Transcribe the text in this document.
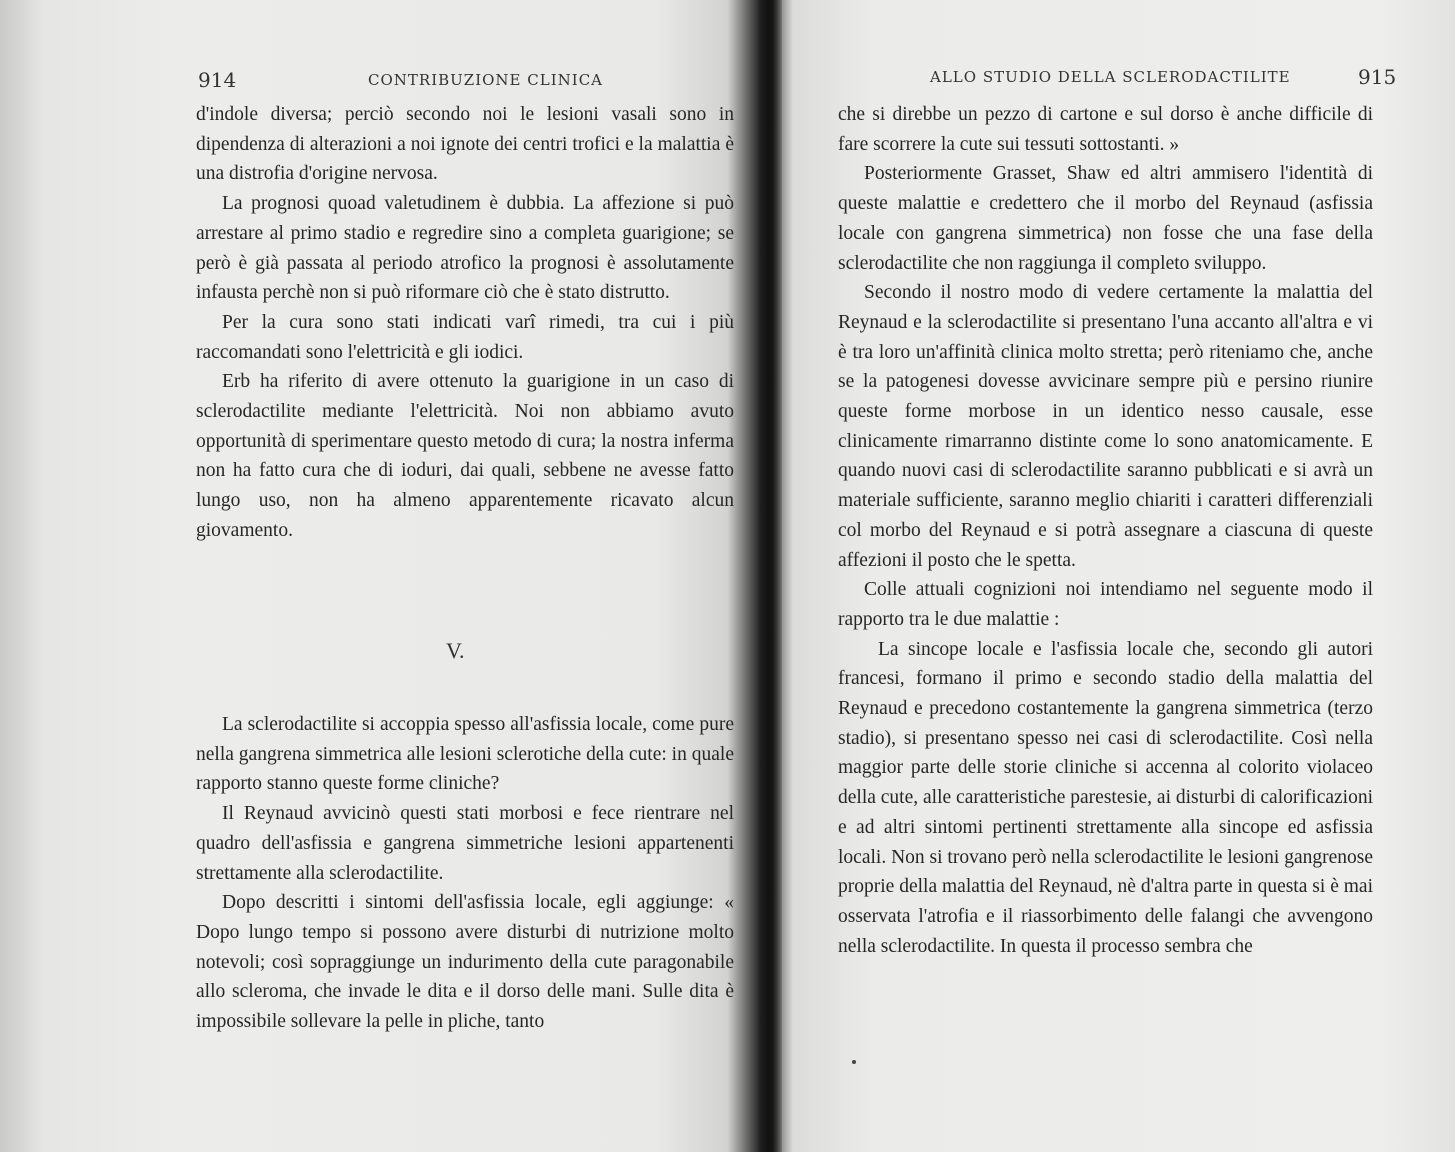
914	CONTRIBUZIONE CLINICA

d'indole diversa; perciò secondo noi le lesioni vasali sono in dipendenza di alterazioni a noi ignote dei centri trofici e la malattia è una distrofia d'origine nervosa.

La prognosi quoad valetudinem è dubbia. La affezione si può arrestare al primo stadio e regredire sino a completa guarigione; se però è già passata al periodo atrofico la prognosi è assolutamente infausta perchè non si può riformare ciò che è stato distrutto.

Per la cura sono stati indicati varî rimedi, tra cui i più raccomandati sono l'elettricità e gli iodici.

Erb ha riferito di avere ottenuto la guarigione in un caso di sclerodactilite mediante l'elettricità. Noi non abbiamo avuto opportunità di sperimentare questo metodo di cura; la nostra inferma non ha fatto cura che di ioduri, dai quali, sebbene ne avesse fatto lungo uso, non ha almeno apparentemente ricavato alcun giovamento.

V.

La sclerodactilite si accoppia spesso all'asfissia locale, come pure nella gangrena simmetrica alle lesioni sclerotiche della cute: in quale rapporto stanno queste forme cliniche?

Il Reynaud avvicinò questi stati morbosi e fece rientrare nel quadro dell'asfissia e gangrena simmetriche lesioni appartenenti strettamente alla sclerodactilite.

Dopo descritti i sintomi dell'asfissia locale, egli aggiunge: « Dopo lungo tempo si possono avere disturbi di nutrizione molto notevoli; così sopraggiunge un indurimento della cute paragonabile allo scleroma, che invade le dita e il dorso delle mani. Sulle dita è impossibile sollevare la pelle in pliche, tanto

ALLO STUDIO DELLA SCLERODACTILITE	915

che si direbbe un pezzo di cartone e sul dorso è anche difficile di fare scorrere la cute sui tessuti sottostanti. »

Posteriormente Grasset, Shaw ed altri ammisero l'identità di queste malattie e credettero che il morbo del Reynaud (asfissia locale con gangrena simmetrica) non fosse che una fase della sclerodactilite che non raggiunga il completo sviluppo.

Secondo il nostro modo di vedere certamente la malattia del Reynaud e la sclerodactilite si presentano l'una accanto all'altra e vi è tra loro un'affinità clinica molto stretta; però riteniamo che, anche se la patogenesi dovesse avvicinare sempre più e persino riunire queste forme morbose in un identico nesso causale, esse clinicamente rimarranno distinte come lo sono anatomicamente. E quando nuovi casi di sclerodactilite saranno pubblicati e si avrà un materiale sufficiente, saranno meglio chiariti i caratteri differenziali col morbo del Reynaud e si potrà assegnare a ciascuna di queste affezioni il posto che le spetta.

Colle attuali cognizioni noi intendiamo nel seguente modo il rapporto tra le due malattie :

La sincope locale e l'asfissia locale che, secondo gli autori francesi, formano il primo e secondo stadio della malattia del Reynaud e precedono costantemente la gangrena simmetrica (terzo stadio), si presentano spesso nei casi di sclerodactilite. Così nella maggior parte delle storie cliniche si accenna al colorito violaceo della cute, alle caratteristiche parestesie, ai disturbi di calorificazioni e ad altri sintomi pertinenti strettamente alla sincope ed asfissia locali. Non si trovano però nella sclerodactilite le lesioni gangrenose proprie della malattia del Reynaud, nè d'altra parte in questa si è mai osservata l'atrofia e il riassorbimento delle falangi che avvengono nella sclerodactilite. In questa il processo sembra che
